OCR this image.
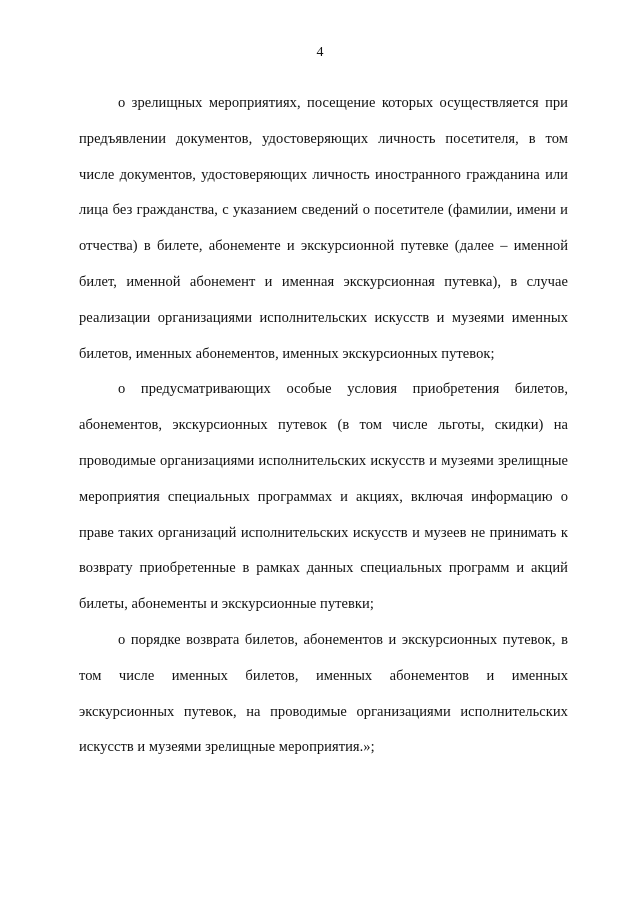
4

о зрелищных мероприятиях, посещение которых осуществляется при предъявлении документов, удостоверяющих личность посетителя, в том числе документов, удостоверяющих личность иностранного гражданина или лица без гражданства, с указанием сведений о посетителе (фамилии, имени и отчества) в билете, абонементе и экскурсионной путевке (далее – именной билет, именной абонемент и именная экскурсионная путевка), в случае реализации организациями исполнительских искусств и музеями именных билетов, именных абонементов, именных экскурсионных путевок;

о предусматривающих особые условия приобретения билетов, абонементов, экскурсионных путевок (в том числе льготы, скидки) на проводимые организациями исполнительских искусств и музеями зрелищные мероприятия специальных программах и акциях, включая информацию о праве таких организаций исполнительских искусств и музеев не принимать к возврату приобретенные в рамках данных специальных программ и акций билеты, абонементы и экскурсионные путевки;

о порядке возврата билетов, абонементов и экскурсионных путевок, в том числе именных билетов, именных абонементов и именных экскурсионных путевок, на проводимые организациями исполнительских искусств и музеями зрелищные мероприятия.»;
